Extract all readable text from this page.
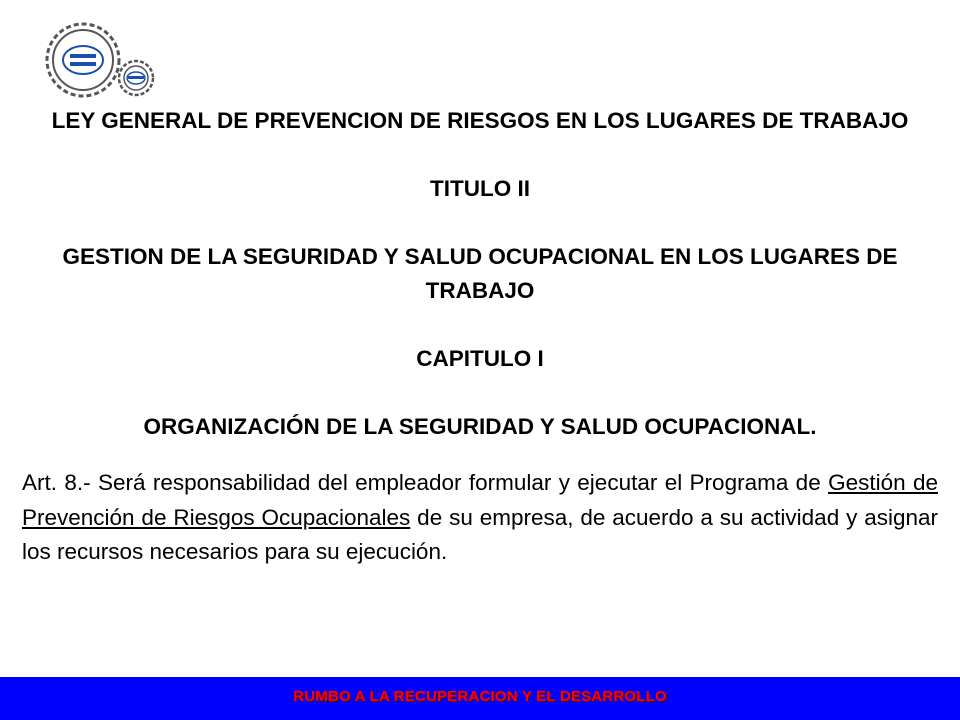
LEY GENERAL DE PREVENCION DE RIESGOS EN LOS LUGARES DE TRABAJO

TITULO II

GESTION DE LA SEGURIDAD Y SALUD OCUPACIONAL EN LOS LUGARES DE TRABAJO

CAPITULO I

ORGANIZACIÓN DE LA SEGURIDAD Y SALUD OCUPACIONAL.

Art. 8.- Será responsabilidad del empleador formular y ejecutar el Programa de Gestión de Prevención de Riesgos Ocupacionales de su empresa, de acuerdo a su actividad y asignar los recursos necesarios para su ejecución.

RUMBO A LA RECUPERACION Y EL DESARROLLO
